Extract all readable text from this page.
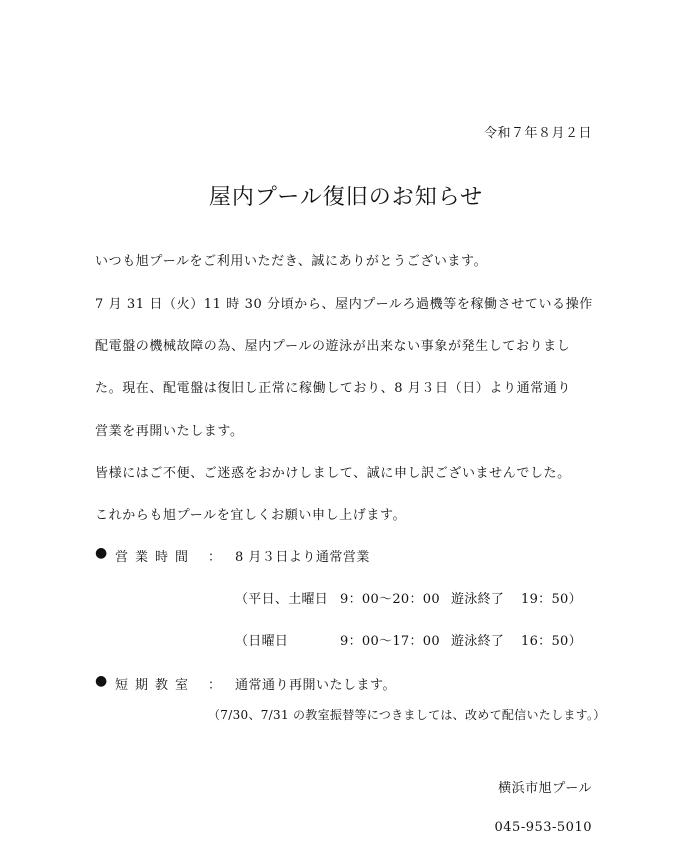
令和７年８月２日
屋内プール復旧のお知らせ
いつも旭プールをご利用いただき、誠にありがとうございます。
7 月 31 日（火）11 時 30 分頃から、屋内プールろ過機等を稼働させている操作
配電盤の機械故障の為、屋内プールの遊泳が出来ない事象が発生しておりまし
た。現在、配電盤は復旧し正常に稼働しており、8 月３日（日）より通常通り
営業を再開いたします。
皆様にはご不便、ご迷惑をおかけしまして、誠に申し訳ございませんでした。
これからも旭プールを宜しくお願い申し上げます。
● 営業時間 ： 8 月３日より通常営業
（平日、土曜日 9：00～20：00 遊泳終了 19：50）
（日曜日	9：00～17：00 遊泳終了 16：50）
● 短期教室 ： 通常通り再開いたします。
（7/30、7/31 の教室振替等につきましては、改めて配信いたします。）
横浜市旭プール
045-953-5010
